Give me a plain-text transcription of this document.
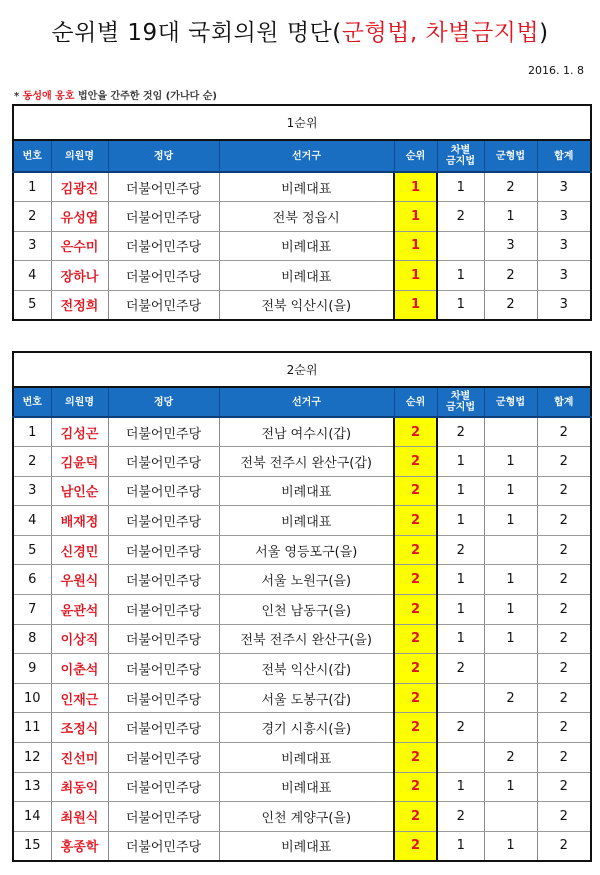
순위별 19대 국회의원 명단(군형법, 차별금지법)
2016. 1. 8
* 동성애 옹호 법안을 간주한 것임 (가나다 순)
1순위							
번호	의원명	정당	선거구	순위	차별
금지법	군형법	합계
1	김광진	더불어민주당	비례대표	1	1	2	3
2	유성엽	더불어민주당	전북 정읍시	1	2	1	3
3	은수미	더불어민주당	비례대표	1		3	3
4	장하나	더불어민주당	비례대표	1	1	2	3
5	전정희	더불어민주당	전북 익산시(을)	1	1	2	3
2순위							
번호	의원명	정당	선거구	순위	차별
금지법	군형법	합계
1	김성곤	더불어민주당	전남 여수시(갑)	2	2		2
2	김윤덕	더불어민주당	전북 전주시 완산구(갑)	2	1	1	2
3	남인순	더불어민주당	비례대표	2	1	1	2
4	배재정	더불어민주당	비례대표	2	1	1	2
5	신경민	더불어민주당	서울 영등포구(을)	2	2		2
6	우원식	더불어민주당	서울 노원구(을)	2	1	1	2
7	윤관석	더불어민주당	인천 남동구(을)	2	1	1	2
8	이상직	더불어민주당	전북 전주시 완산구(을)	2	1	1	2
9	이춘석	더불어민주당	전북 익산시(갑)	2	2		2
10	인재근	더불어민주당	서울 도봉구(갑)	2		2	2
11	조정식	더불어민주당	경기 시흥시(을)	2	2		2
12	진선미	더불어민주당	비례대표	2		2	2
13	최동익	더불어민주당	비례대표	2	1	1	2
14	최원식	더불어민주당	인천 계양구(을)	2	2		2
15	홍종학	더불어민주당	비례대표	2	1	1	2
